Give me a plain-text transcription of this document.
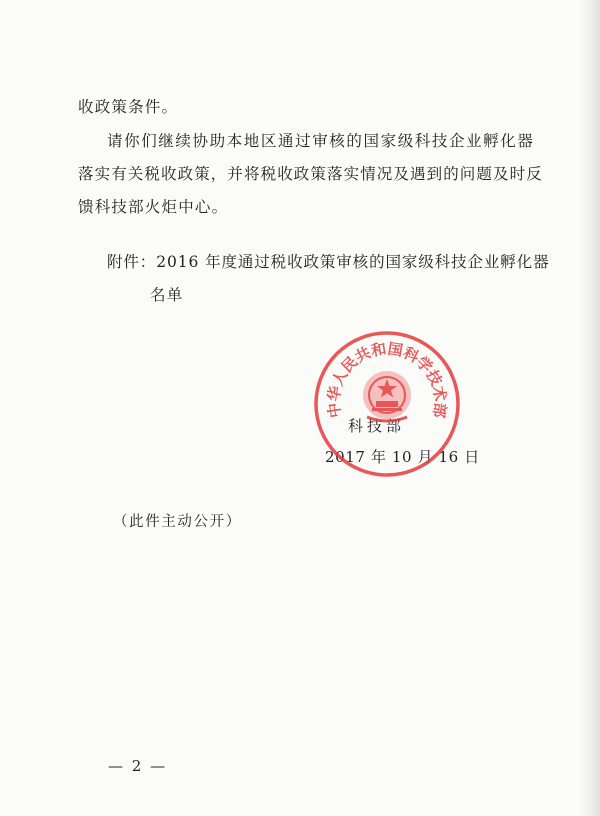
收政策条件。
请你们继续协助本地区通过审核的国家级科技企业孵化器
落实有关税收政策，并将税收政策落实情况及遇到的问题及时反
馈科技部火炬中心。
附件：2016 年度通过税收政策审核的国家级科技企业孵化器
名单
科技部
2017 年 10 月 16 日
中华人民共和国科学技术部
（此件主动公开）
— 2 —
